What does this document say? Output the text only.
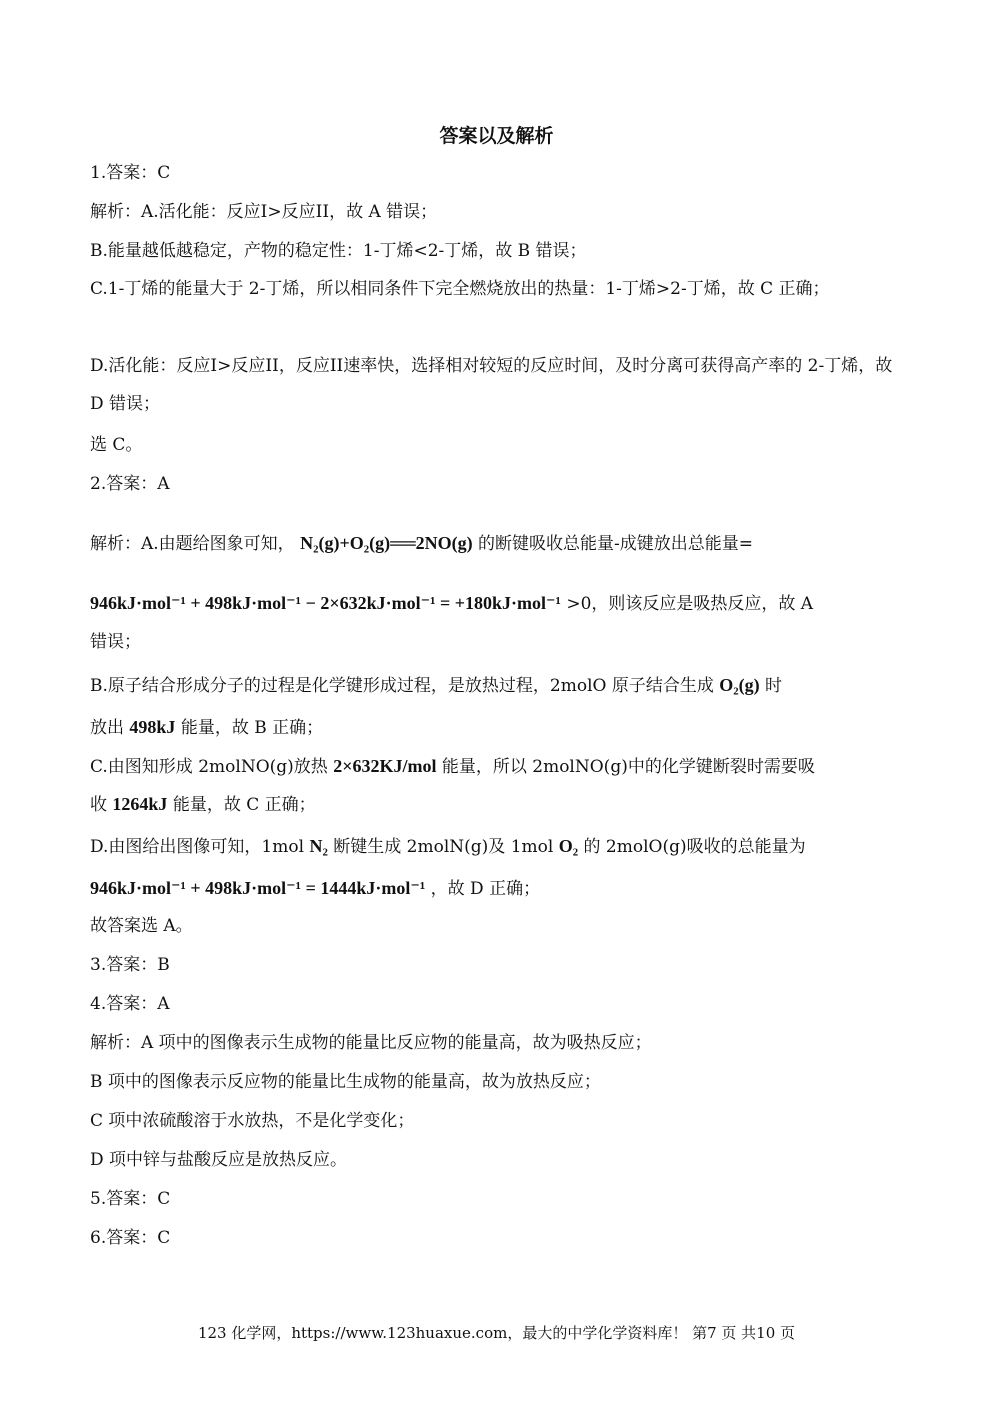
答案以及解析
1.答案：C
解析：A.活化能：反应I>反应II，故 A 错误；
B.能量越低越稳定，产物的稳定性：1-丁烯<2-丁烯，故 B 错误；
C.1-丁烯的能量大于 2-丁烯，所以相同条件下完全燃烧放出的热量：1-丁烯>2-丁烯，故 C 正确；
D.活化能：反应I>反应II，反应II速率快，选择相对较短的反应时间，及时分离可获得高产率的 2-丁烯，故 D 错误；
选 C。
2.答案：A
解析：A.由题给图象可知， N₂(g)+O₂(g)══2NO(g) 的断键吸收总能量-成键放出总能量=
946kJ·mol⁻¹ + 498kJ·mol⁻¹ − 2×632kJ·mol⁻¹ = +180kJ·mol⁻¹ >0，则该反应是吸热反应，故 A
错误；
B.原子结合形成分子的过程是化学键形成过程，是放热过程，2molO 原子结合生成 O₂(g) 时
放出 498kJ 能量，故 B 正确；
C.由图知形成 2molNO(g)放热 2×632KJ/mol 能量，所以 2molNO(g)中的化学键断裂时需要吸
收 1264kJ 能量，故 C 正确；
D.由图给出图像可知，1mol N₂ 断键生成 2molN(g)及 1mol O₂ 的 2molO(g)吸收的总能量为
946kJ·mol⁻¹ + 498kJ·mol⁻¹ = 1444kJ·mol⁻¹ ，故 D 正确；
故答案选 A。
3.答案：B
4.答案：A
解析：A 项中的图像表示生成物的能量比反应物的能量高，故为吸热反应；
B 项中的图像表示反应物的能量比生成物的能量高，故为放热反应；
C 项中浓硫酸溶于水放热，不是化学变化；
D 项中锌与盐酸反应是放热反应。
5.答案：C
6.答案：C
123 化学网，https://www.123huaxue.com，最大的中学化学资料库！ 第7 页 共10 页
